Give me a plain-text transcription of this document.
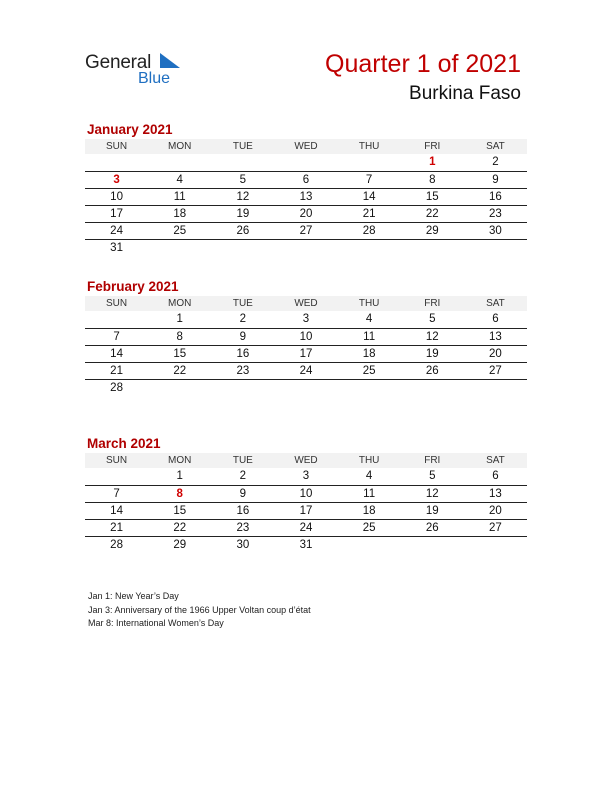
General
Blue
Quarter 1 of 2021
Burkina Faso
January 2021
SUN	MON	TUE	WED	THU	FRI	SAT
					1	2
3	4	5	6	7	8	9
10	11	12	13	14	15	16
17	18	19	20	21	22	23
24	25	26	27	28	29	30
31						
February 2021
SUN	MON	TUE	WED	THU	FRI	SAT
	1	2	3	4	5	6
7	8	9	10	11	12	13
14	15	16	17	18	19	20
21	22	23	24	25	26	27
28						
March 2021
SUN	MON	TUE	WED	THU	FRI	SAT
	1	2	3	4	5	6
7	8	9	10	11	12	13
14	15	16	17	18	19	20
21	22	23	24	25	26	27
28	29	30	31			
Jan 1: New Year’s Day
Jan 3: Anniversary of the 1966 Upper Voltan coup d’état
Mar 8: International Women’s Day
